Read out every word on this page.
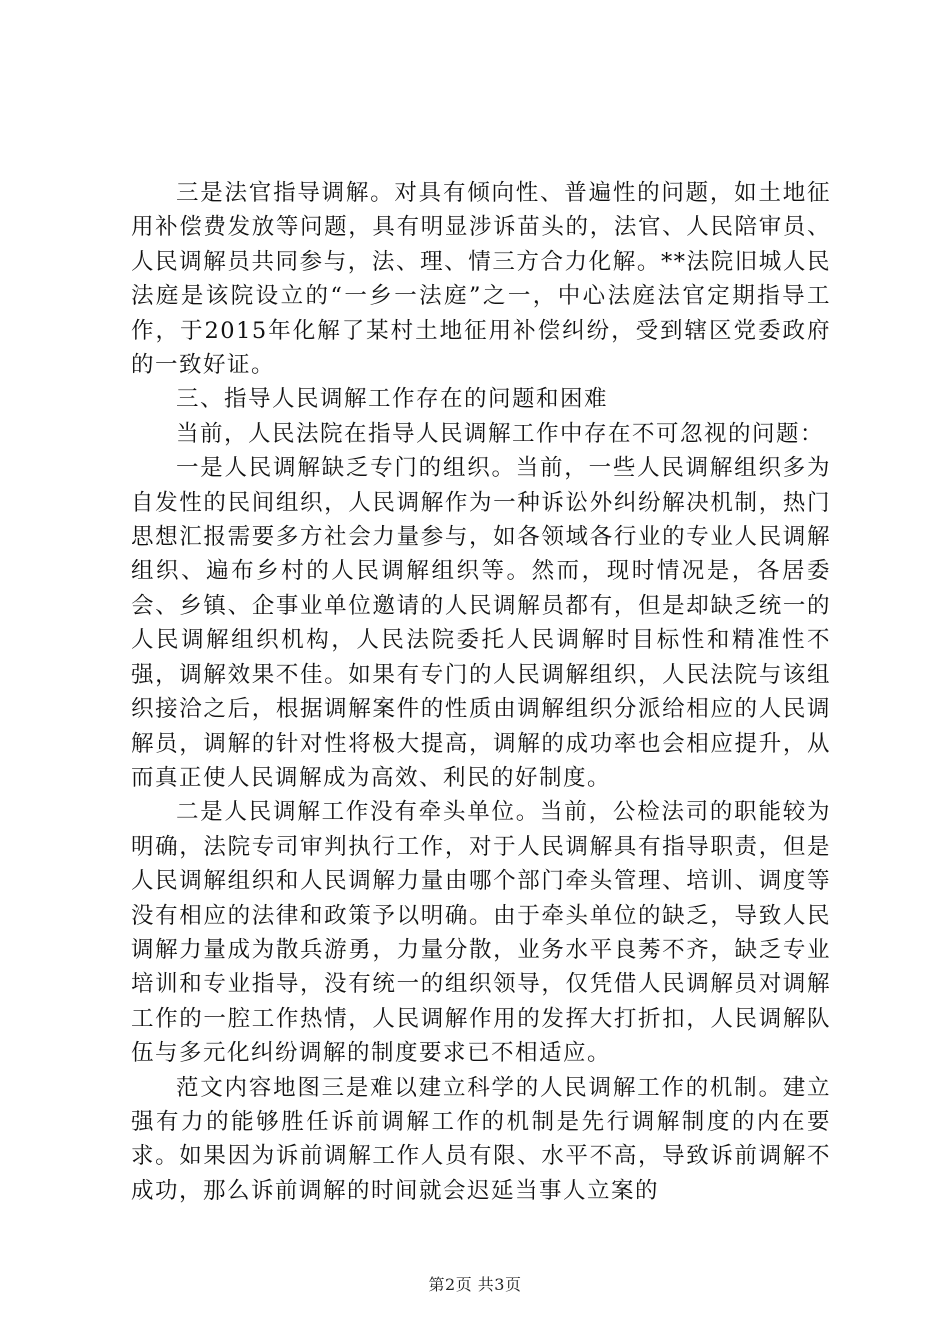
三是法官指导调解。对具有倾向性、普遍性的问题，如土地征用补偿费发放等问题，具有明显涉诉苗头的，法官、人民陪审员、人民调解员共同参与，法、理、情三方合力化解。**法院旧城人民法庭是该院设立的“一乡一法庭”之一，中心法庭法官定期指导工作，于2015年化解了某村土地征用补偿纠纷，受到辖区党委政府的一致好证。

三、指导人民调解工作存在的问题和困难

当前，人民法院在指导人民调解工作中存在不可忽视的问题：

一是人民调解缺乏专门的组织。当前，一些人民调解组织多为自发性的民间组织，人民调解作为一种诉讼外纠纷解决机制，热门思想汇报需要多方社会力量参与，如各领域各行业的专业人民调解组织、遍布乡村的人民调解组织等。然而，现时情况是，各居委会、乡镇、企事业单位邀请的人民调解员都有，但是却缺乏统一的人民调解组织机构，人民法院委托人民调解时目标性和精准性不强，调解效果不佳。如果有专门的人民调解组织，人民法院与该组织接洽之后，根据调解案件的性质由调解组织分派给相应的人民调解员，调解的针对性将极大提高，调解的成功率也会相应提升，从而真正使人民调解成为高效、利民的好制度。

二是人民调解工作没有牵头单位。当前，公检法司的职能较为明确，法院专司审判执行工作，对于人民调解具有指导职责，但是人民调解组织和人民调解力量由哪个部门牵头管理、培训、调度等没有相应的法律和政策予以明确。由于牵头单位的缺乏，导致人民调解力量成为散兵游勇，力量分散，业务水平良莠不齐，缺乏专业培训和专业指导，没有统一的组织领导，仅凭借人民调解员对调解工作的一腔工作热情，人民调解作用的发挥大打折扣，人民调解队伍与多元化纠纷调解的制度要求已不相适应。

范文内容地图三是难以建立科学的人民调解工作的机制。建立强有力的能够胜任诉前调解工作的机制是先行调解制度的内在要求。如果因为诉前调解工作人员有限、水平不高，导致诉前调解不成功，那么诉前调解的时间就会迟延当事人立案的

第2页 共3页
